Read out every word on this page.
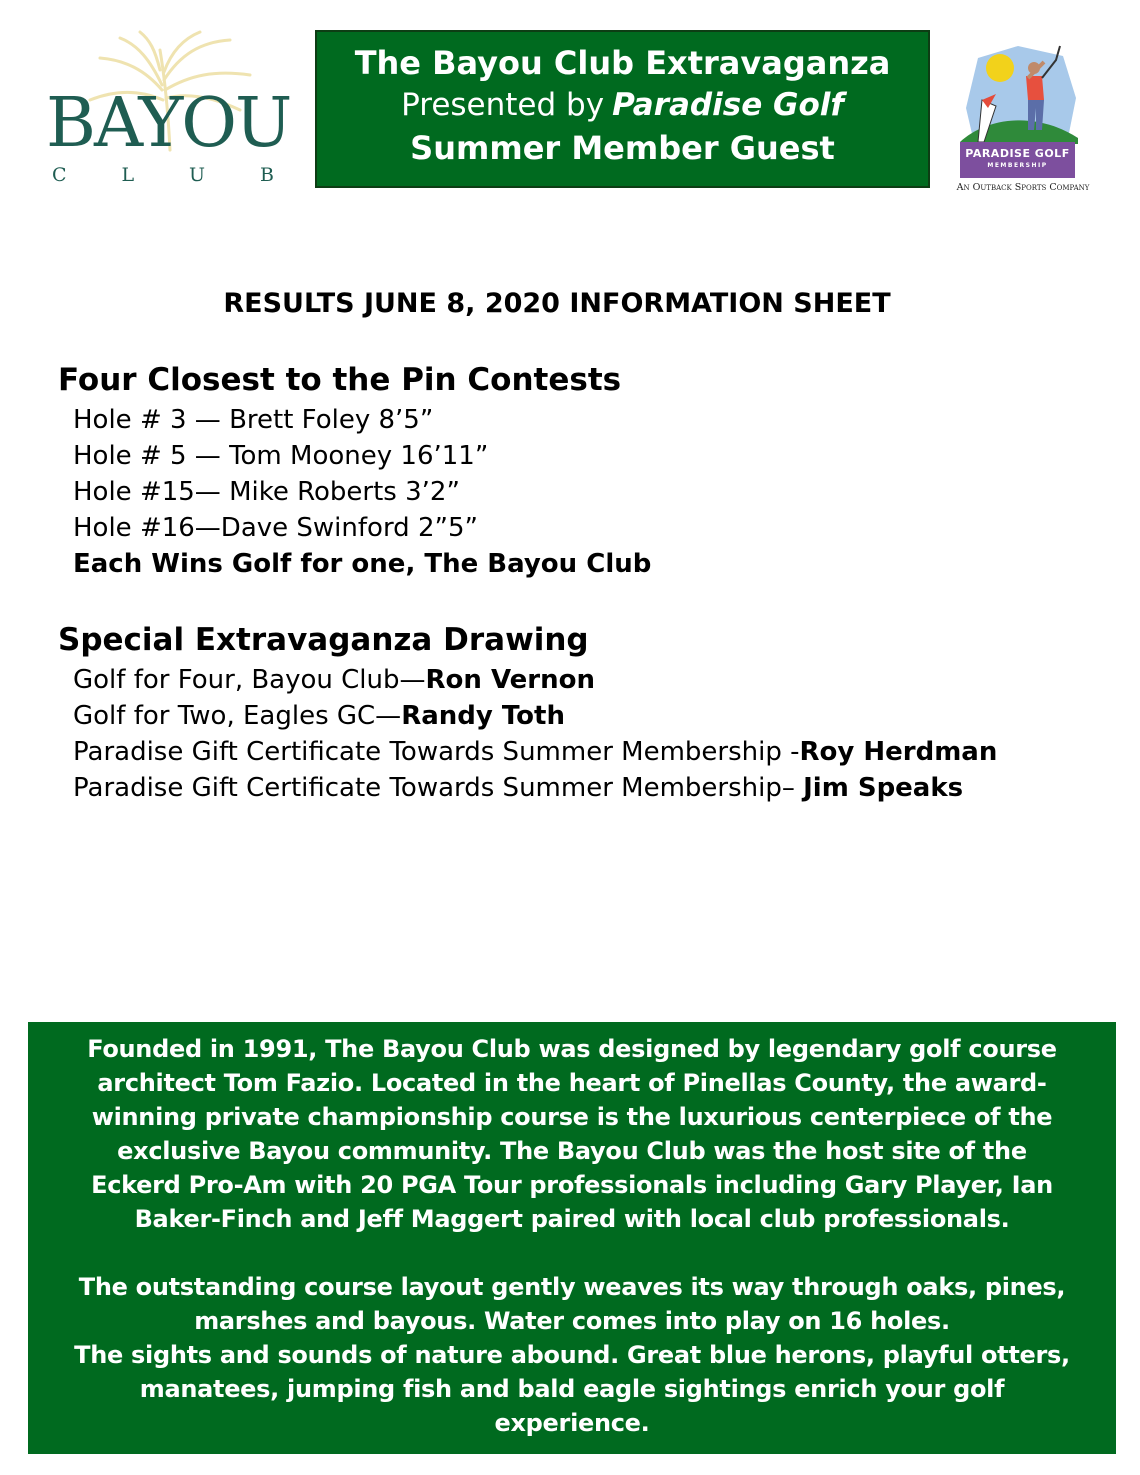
BAYOU
C	L	U	B
The Bayou Club Extravaganza
Presented by Paradise Golf
Summer Member Guest	PARADISE GOLF
MEMBERSHIP
An Outback Sports Company
RESULTS JUNE 8, 2020 INFORMATION SHEET
Four Closest to the Pin Contests
Hole # 3 — Brett Foley 8’5”
Hole # 5 — Tom Mooney 16’11”
Hole #15— Mike Roberts 3’2”
Hole #16—Dave Swinford 2”5”
Each Wins Golf for one, The Bayou Club
Special Extravaganza Drawing
Golf for Four, Bayou Club—Ron Vernon
Golf for Two, Eagles GC—Randy Toth
Paradise Gift Certificate Towards Summer Membership -Roy Herdman
Paradise Gift Certificate Towards Summer Membership– Jim Speaks

Founded in 1991, The Bayou Club was designed by legendary golf course

architect Tom Fazio. Located in the heart of Pinellas County, the award-

winning private championship course is the luxurious centerpiece of the

exclusive Bayou community. The Bayou Club was the host site of the

Eckerd Pro-Am with 20 PGA Tour professionals including Gary Player, Ian

Baker-Finch and Jeff Maggert paired with local club professionals.

The outstanding course layout gently weaves its way through oaks, pines,

marshes and bayous. Water comes into play on 16 holes.

The sights and sounds of nature abound. Great blue herons, playful otters,

manatees, jumping fish and bald eagle sightings enrich your golf

experience.
